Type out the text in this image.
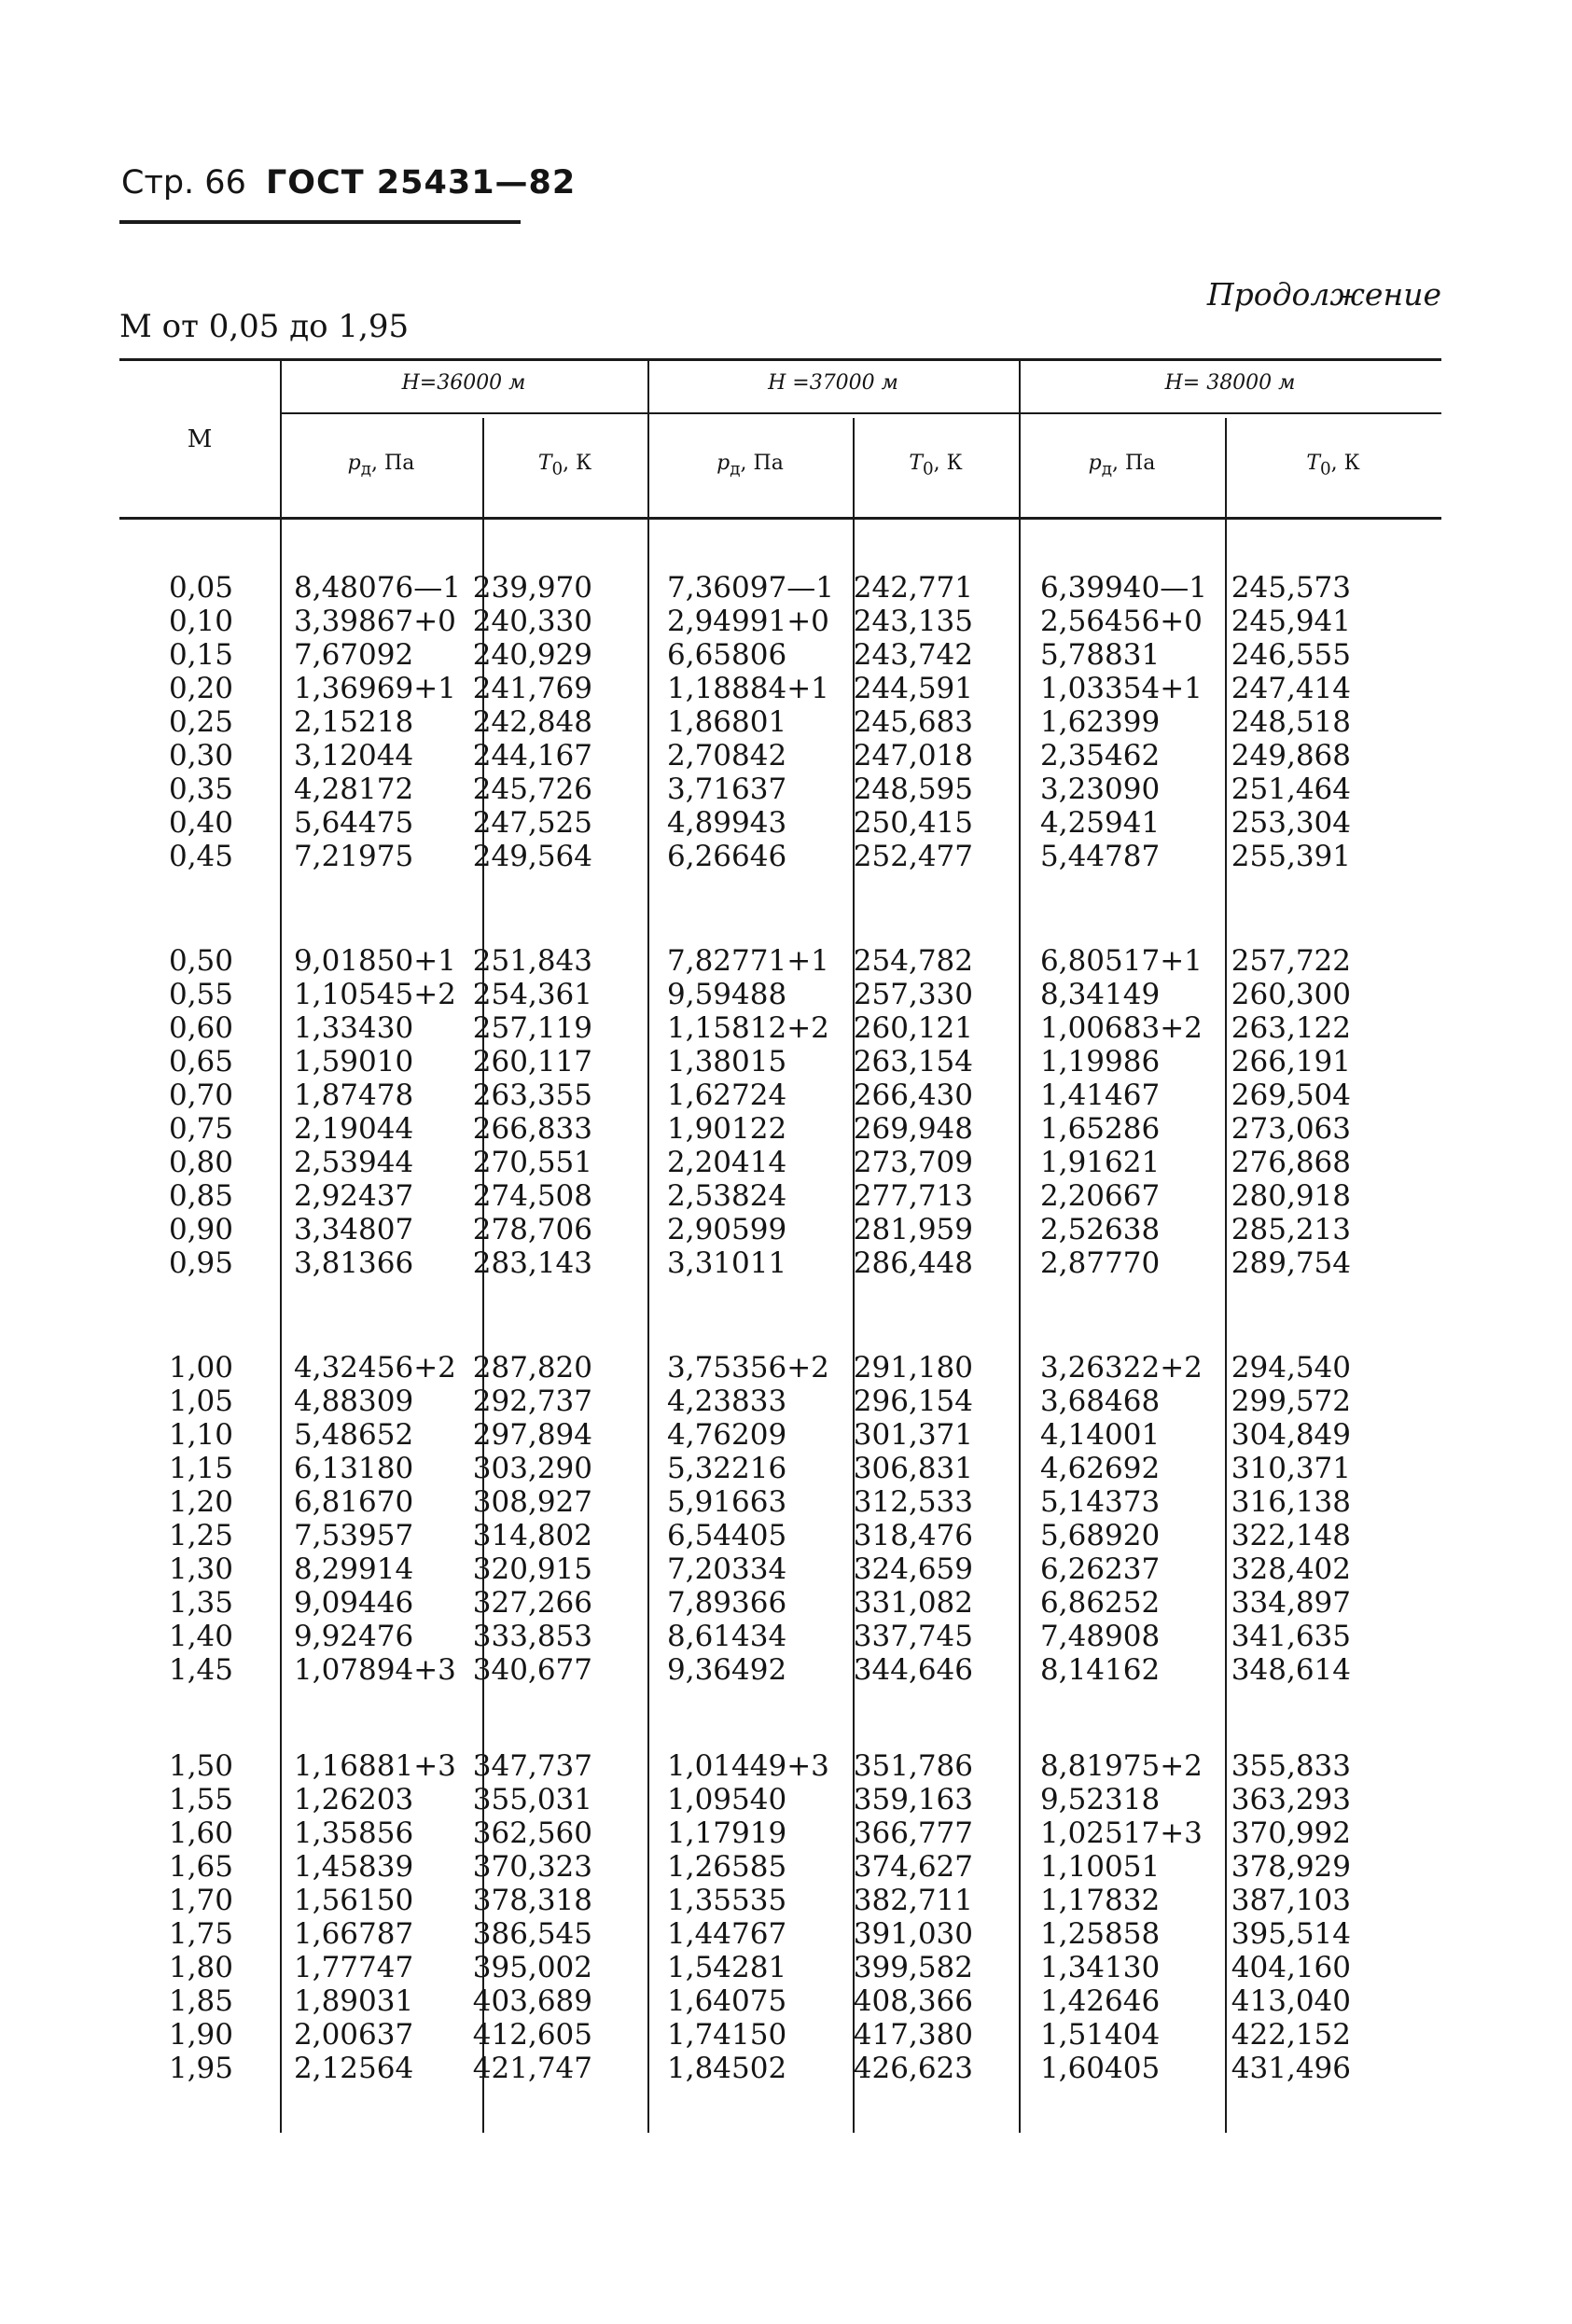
Стр. 66 ГОСТ 25431—82
Продолжение
М от 0,05 до 1,95
М
H=36000 м	H =37000 м	H= 38000 м
$p_д$, Па	$T_0$, К	$p_д$, Па	$T_0$, К	$p_д$, Па	$T_0$, К
0,05 8,48076—1 239,970	7,36097—1 242,771 6,39940—1 245,573
0,10 3,39867+0 240,330	2,94991+0 243,135 2,56456+0 245,941
0,15 7,67092	240,929	6,65806	243,742 5,78831	246,555
0,20 1,36969+1 241,769	1,18884+1 244,591 1,03354+1 247,414
0,25 2,15218	242,848	1,86801	245,683 1,62399	248,518
0,30 3,12044	244,167	2,70842	247,018 2,35462	249,868
0,35 4,28172	245,726	3,71637	248,595 3,23090	251,464
0,40 5,64475	247,525	4,89943	250,415 4,25941	253,304
0,45 7,21975	249,564	6,26646	252,477 5,44787	255,391
0,50 9,01850+1 251,843	7,82771+1 254,782 6,80517+1 257,722
0,55 1,10545+2 254,361	9,59488	257,330 8,34149	260,300
0,60 1,33430	257,119	1,15812+2 260,121 1,00683+2 263,122
0,65 1,59010	260,117	1,38015	263,154 1,19986	266,191
0,70 1,87478	263,355	1,62724	266,430 1,41467	269,504
0,75 2,19044	266,833	1,90122	269,948 1,65286	273,063
0,80 2,53944	270,551	2,20414	273,709 1,91621	276,868
0,85 2,92437	274,508	2,53824	277,713 2,20667	280,918
0,90 3,34807	278,706	2,90599	281,959 2,52638	285,213
0,95 3,81366	283,143	3,31011	286,448 2,87770	289,754
1,00 4,32456+2 287,820	3,75356+2 291,180 3,26322+2 294,540
1,05 4,88309	292,737	4,23833	296,154 3,68468	299,572
1,10 5,48652	297,894	4,76209	301,371 4,14001	304,849
1,15 6,13180	303,290	5,32216	306,831 4,62692	310,371
1,20 6,81670	308,927	5,91663	312,533 5,14373	316,138
1,25 7,53957	314,802	6,54405	318,476 5,68920	322,148
1,30 8,29914	320,915	7,20334	324,659 6,26237	328,402
1,35 9,09446	327,266	7,89366	331,082 6,86252	334,897
1,40 9,92476	333,853	8,61434	337,745 7,48908	341,635
1,45 1,07894+3 340,677	9,36492	344,646 8,14162	348,614
1,50 1,16881+3 347,737	1,01449+3 351,786 8,81975+2 355,833
1,55 1,26203	355,031	1,09540	359,163 9,52318	363,293
1,60 1,35856	362,560	1,17919	366,777 1,02517+3 370,992
1,65 1,45839	370,323	1,26585	374,627 1,10051	378,929
1,70 1,56150	378,318	1,35535	382,711 1,17832	387,103
1,75 1,66787	386,545	1,44767	391,030 1,25858	395,514
1,80 1,77747	395,002	1,54281	399,582 1,34130	404,160
1,85 1,89031	403,689	1,64075	408,366 1,42646	413,040
1,90 2,00637	412,605	1,74150	417,380 1,51404	422,152
1,95 2,12564	421,747	1,84502	426,623 1,60405	431,496
